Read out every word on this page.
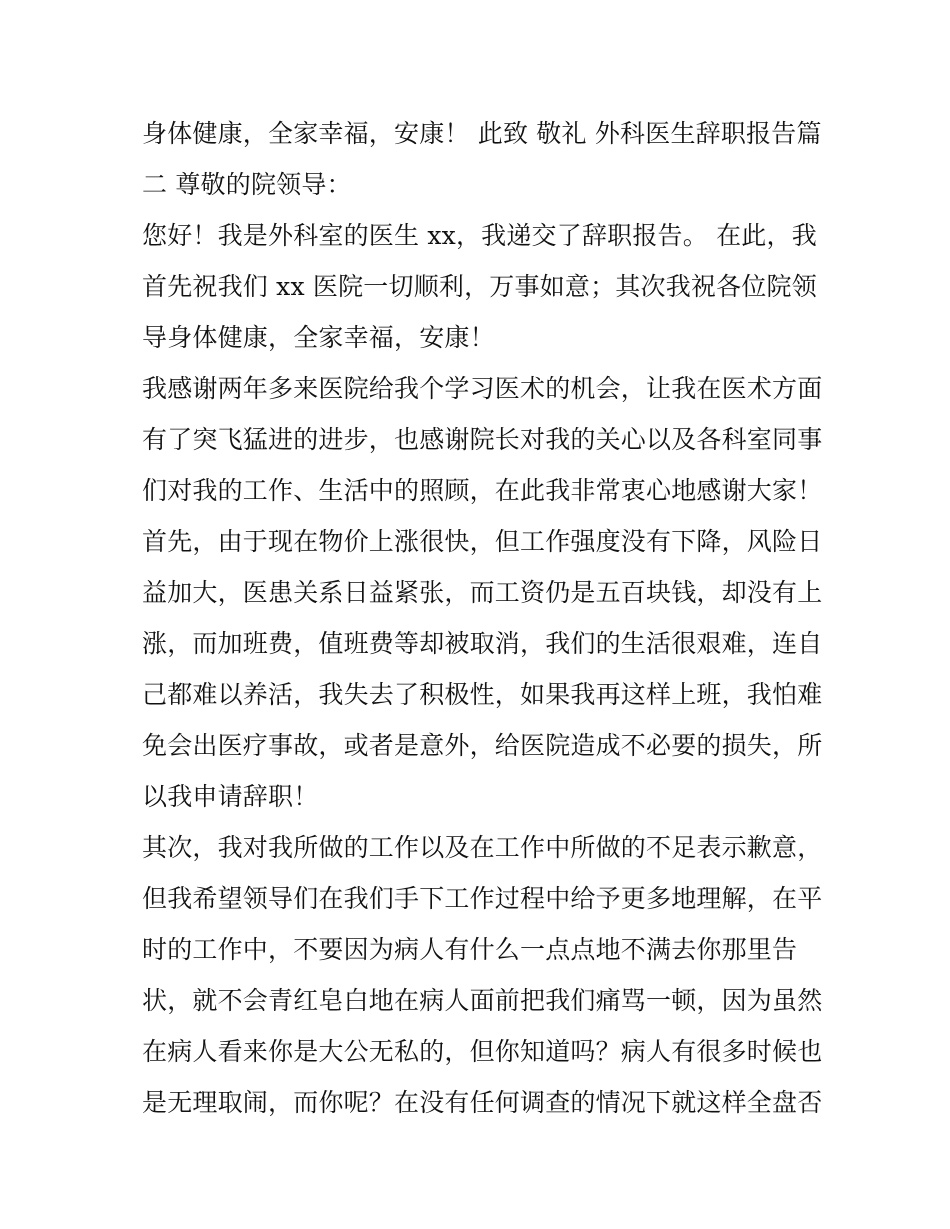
身体健康，全家幸福，安康！ 此致 敬礼 外科医生辞职报告篇
二 尊敬的院领导：
您好！我是外科室的医生 xx，我递交了辞职报告。 在此，我
首先祝我们 xx 医院一切顺利，万事如意；其次我祝各位院领
导身体健康，全家幸福，安康！
我感谢两年多来医院给我个学习医术的机会，让我在医术方面
有了突飞猛进的进步，也感谢院长对我的关心以及各科室同事
们对我的工作、生活中的照顾，在此我非常衷心地感谢大家！
首先，由于现在物价上涨很快，但工作强度没有下降，风险日
益加大，医患关系日益紧张，而工资仍是五百块钱，却没有上
涨，而加班费，值班费等却被取消，我们的生活很艰难，连自
己都难以养活，我失去了积极性，如果我再这样上班，我怕难
免会出医疗事故，或者是意外，给医院造成不必要的损失，所
以我申请辞职！
其次，我对我所做的工作以及在工作中所做的不足表示歉意，
但我希望领导们在我们手下工作过程中给予更多地理解，在平
时的工作中，不要因为病人有什么一点点地不满去你那里告
状，就不会青红皂白地在病人面前把我们痛骂一顿，因为虽然
在病人看来你是大公无私的，但你知道吗？病人有很多时候也
是无理取闹，而你呢？在没有任何调查的情况下就这样全盘否
